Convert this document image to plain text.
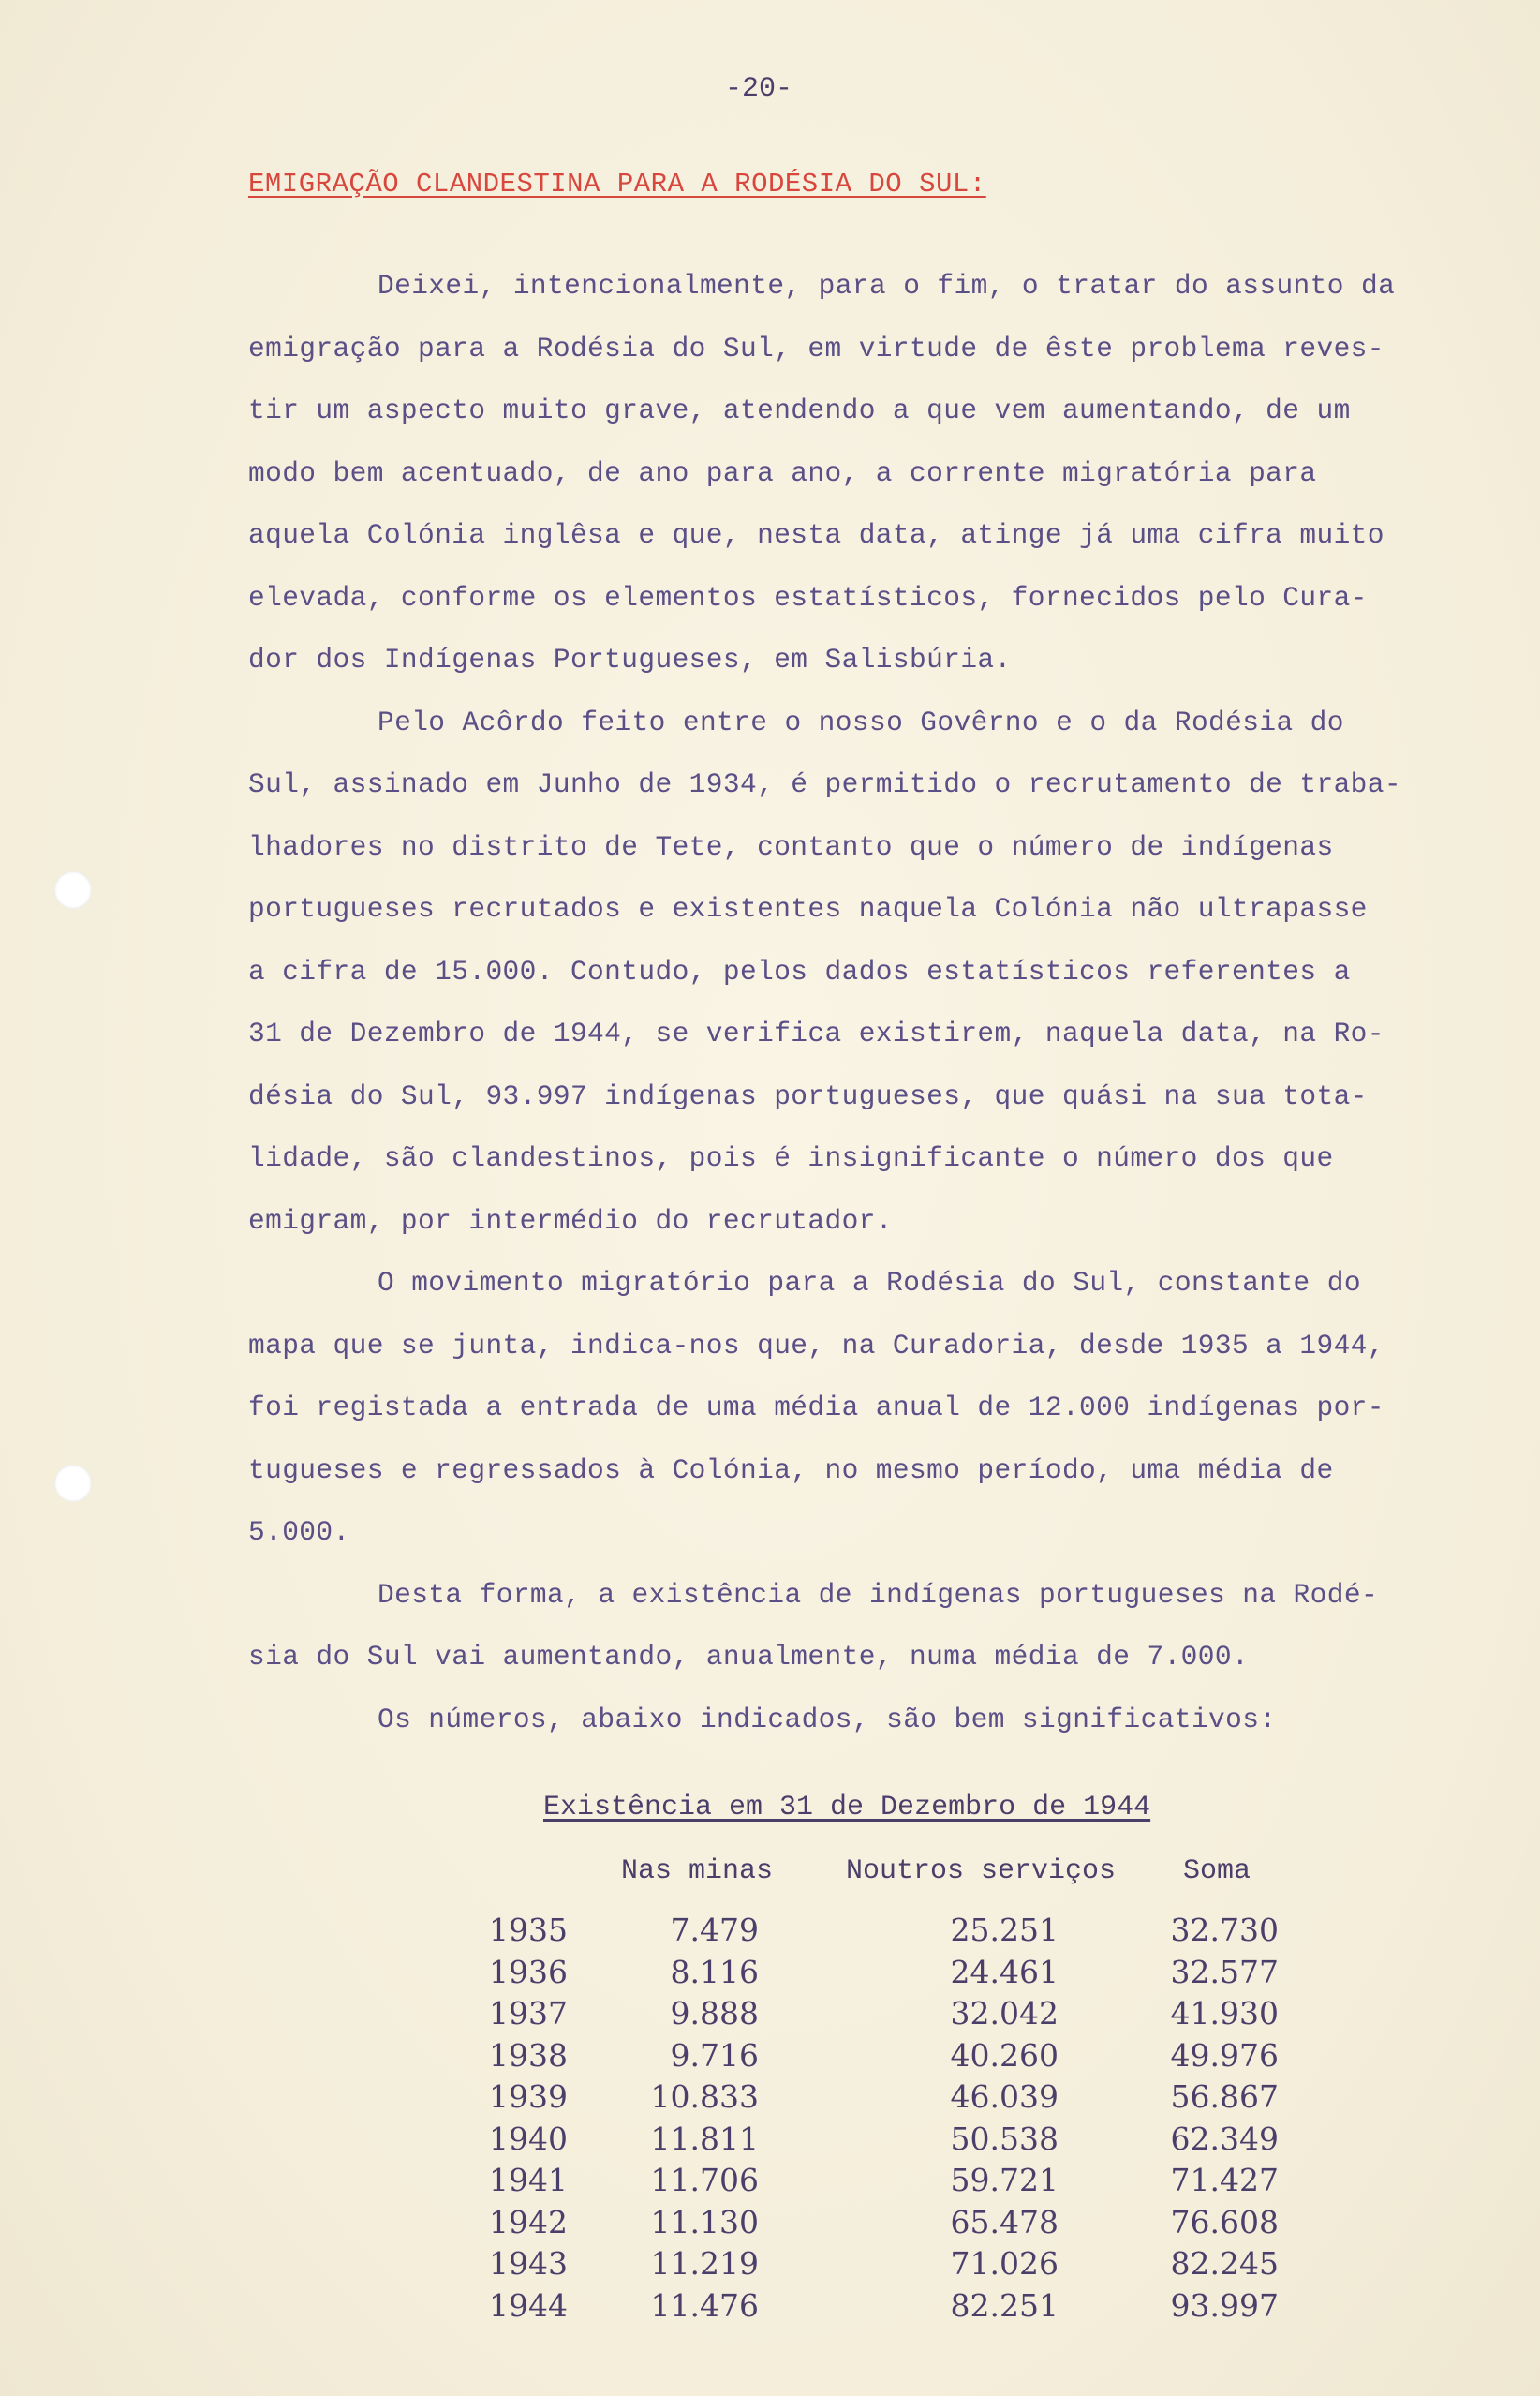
-20-
EMIGRAÇÃO CLANDESTINA PARA A RODÉSIA DO SUL:
Deixei, intencionalmente, para o fim, o tratar do assunto da
emigração para a Rodésia do Sul, em virtude de êste problema reves-
tir um aspecto muito grave, atendendo a que vem aumentando, de um
modo bem acentuado, de ano para ano, a corrente migratória para
aquela Colónia inglêsa e que, nesta data, atinge já uma cifra muito
elevada, conforme os elementos estatísticos, fornecidos pelo Cura-
dor dos Indígenas Portugueses, em Salisbúria.
Pelo Acôrdo feito entre o nosso Govêrno e o da Rodésia do
Sul, assinado em Junho de 1934, é permitido o recrutamento de traba-
lhadores no distrito de Tete, contanto que o número de indígenas
portugueses recrutados e existentes naquela Colónia não ultrapasse
a cifra de 15.000. Contudo, pelos dados estatísticos referentes a
31 de Dezembro de 1944, se verifica existirem, naquela data, na Ro-
désia do Sul, 93.997 indígenas portugueses, que quási na sua tota-
lidade, são clandestinos, pois é insignificante o número dos que
emigram, por intermédio do recrutador.
O movimento migratório para a Rodésia do Sul, constante do
mapa que se junta, indica-nos que, na Curadoria, desde 1935 a 1944,
foi registada a entrada de uma média anual de 12.000 indígenas por-
tugueses e regressados à Colónia, no mesmo período, uma média de
5.000.
Desta forma, a existência de indígenas portugueses na Rodé-
sia do Sul vai aumentando, anualmente, numa média de 7.000.
Os números, abaixo indicados, são bem significativos:
Existência em 31 de Dezembro de 1944
Nas minas	Noutros serviços Soma
1935	7.479	25.251	32.730
1936	8.116	24.461	32.577
1937	9.888	32.042	41.930
1938	9.716	40.260	49.976
1939	10.833	46.039	56.867
1940	11.811	50.538	62.349
1941	11.706	59.721	71.427
1942	11.130	65.478	76.608
1943	11.219	71.026	82.245
1944	11.476	82.251	93.997
